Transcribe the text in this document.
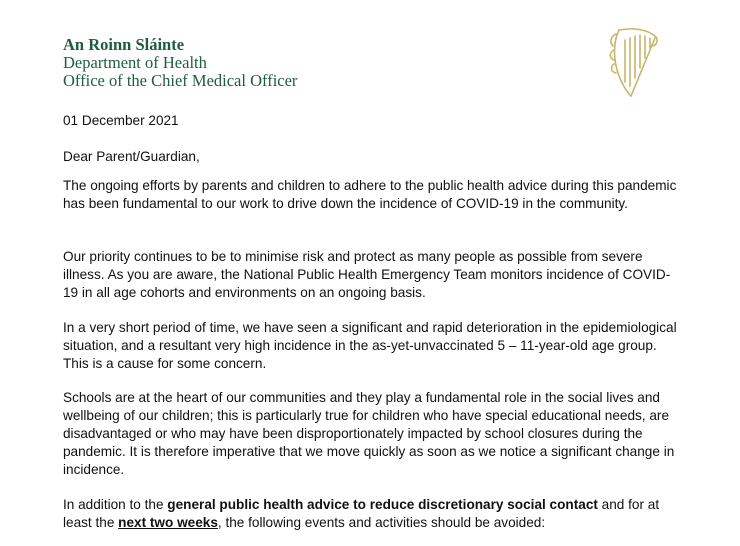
An Roinn Sláinte
Department of Health
Office of the Chief Medical Officer
01 December 2021
Dear Parent/Guardian,

The ongoing efforts by parents and children to adhere to the public health advice during this pandemic has been fundamental to our work to drive down the incidence of COVID-19 in the community.

Our priority continues to be to minimise risk and protect as many people as possible from severe illness. As you are aware, the National Public Health Emergency Team monitors incidence of COVID-19 in all age cohorts and environments on an ongoing basis.

In a very short period of time, we have seen a significant and rapid deterioration in the epidemiological situation, and a resultant very high incidence in the as-yet-unvaccinated 5 – 11-year-old age group. This is a cause for some concern.

Schools are at the heart of our communities and they play a fundamental role in the social lives and wellbeing of our children; this is particularly true for children who have special educational needs, are disadvantaged or who may have been disproportionately impacted by school closures during the pandemic. It is therefore imperative that we move quickly as soon as we notice a significant change in incidence.

In addition to the general public health advice to reduce discretionary social contact and for at least the next two weeks, the following events and activities should be avoided:
